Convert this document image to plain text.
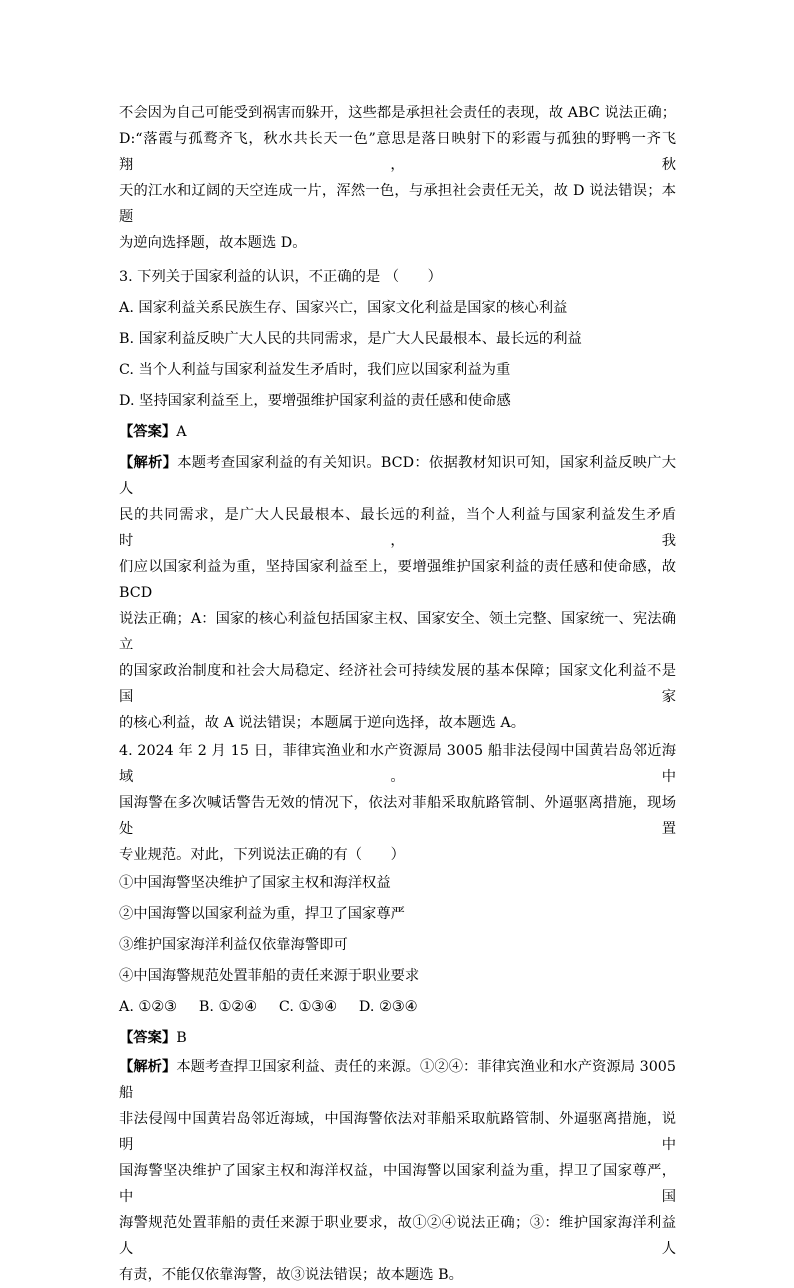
不会因为自己可能受到祸害而躲开，这些都是承担社会责任的表现，故 ABC 说法正确；

D:“落霞与孤鹜齐飞，秋水共长天一色”意思是落日映射下的彩霞与孤独的野鸭一齐飞翔，秋

天的江水和辽阔的天空连成一片，浑然一色，与承担社会责任无关，故 D 说法错误；本题

为逆向选择题，故本题选 D。

3. 下列关于国家利益的认识，不正确的是 （　　）

A. 国家利益关系民族生存、国家兴亡，国家文化利益是国家的核心利益

B. 国家利益反映广大人民的共同需求，是广大人民最根本、最长远的利益

C. 当个人利益与国家利益发生矛盾时，我们应以国家利益为重

D. 坚持国家利益至上，要增强维护国家利益的责任感和使命感

【答案】A

【解析】本题考查国家利益的有关知识。BCD：依据教材知识可知，国家利益反映广大人

民的共同需求，是广大人民最根本、最长远的利益，当个人利益与国家利益发生矛盾时，我

们应以国家利益为重，坚持国家利益至上，要增强维护国家利益的责任感和使命感，故 BCD

说法正确；A：国家的核心利益包括国家主权、国家安全、领土完整、国家统一、宪法确立

的国家政治制度和社会大局稳定、经济社会可持续发展的基本保障；国家文化利益不是国家

的核心利益，故 A 说法错误；本题属于逆向选择，故本题选 A。

4. 2024 年 2 月 15 日，菲律宾渔业和水产资源局 3005 船非法侵闯中国黄岩岛邻近海域。中

国海警在多次喊话警告无效的情况下，依法对菲船采取航路管制、外逼驱离措施，现场处置

专业规范。对此，下列说法正确的有（　　）

①中国海警坚决维护了国家主权和海洋权益

②中国海警以国家利益为重，捍卫了国家尊严

③维护国家海洋利益仅依靠海警即可

④中国海警规范处置菲船的责任来源于职业要求

A. ①②③ B. ①②④ C. ①③④ D. ②③④

【答案】B

【解析】本题考查捍卫国家利益、责任的来源。①②④：菲律宾渔业和水产资源局 3005 船

非法侵闯中国黄岩岛邻近海域，中国海警依法对菲船采取航路管制、外逼驱离措施，说明中

国海警坚决维护了国家主权和海洋权益，中国海警以国家利益为重，捍卫了国家尊严，中国

海警规范处置菲船的责任来源于职业要求，故①②④说法正确；③：维护国家海洋利益人人

有责，不能仅依靠海警，故③说法错误；故本题选 B。
